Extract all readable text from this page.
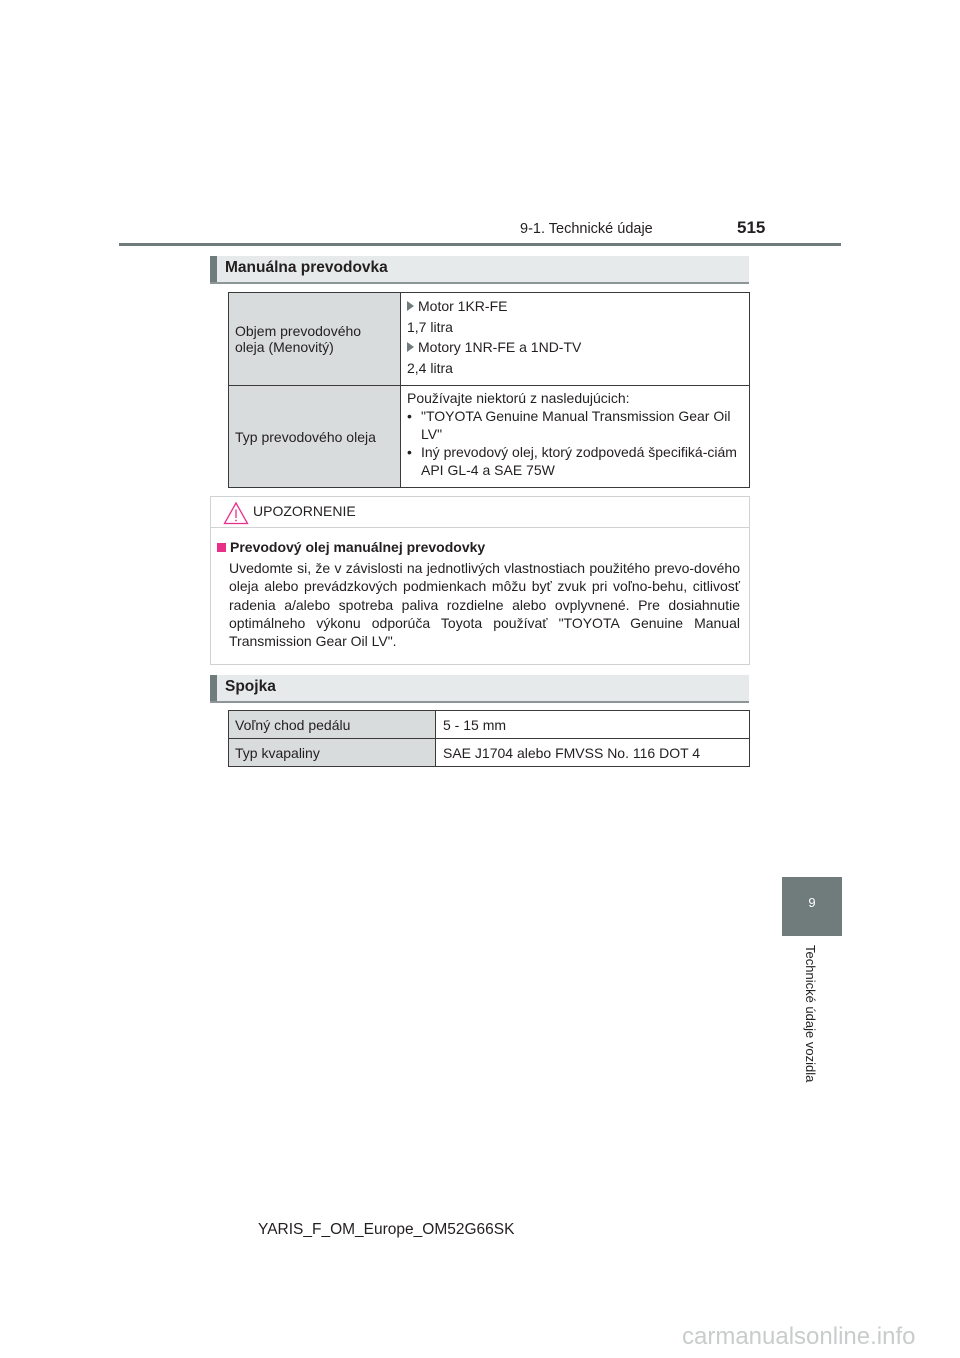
9-1. Technické údaje	515
Manuálna prevodovka
Objem prevodového oleja (Menovitý)	Motor 1KR-FE

1,7 litra

Motory 1NR-FE a 1ND-TV

2,4 litra

Typ prevodového oleja	Používajte niektorú z nasledujúcich:
• "TOYOTA Genuine Manual Transmission Gear Oil LV"
• Iný prevodový olej, ktorý zodpovedá špecifiká-ciám API GL-4 a SAE 75W
UPOZORNENIE
Prevodový olej manuálnej prevodovky
Uvedomte si, že v závislosti na jednotlivých vlastnostiach použitého prevo-dového oleja alebo prevádzkových podmienkach môžu byť zvuk pri voľno-behu, citlivosť radenia a/alebo spotreba paliva rozdielne alebo ovplyvnené. Pre dosiahnutie optimálneho výkonu odporúča Toyota používať "TOYOTA Genuine Manual Transmission Gear Oil LV".
Spojka
Voľný chod pedálu	5 - 15 mm
Typ kvapaliny	SAE J1704 alebo FMVSS No. 116 DOT 4
9
Technické údaje vozidla
YARIS_F_OM_Europe_OM52G66SK
carmanualsonline.info
